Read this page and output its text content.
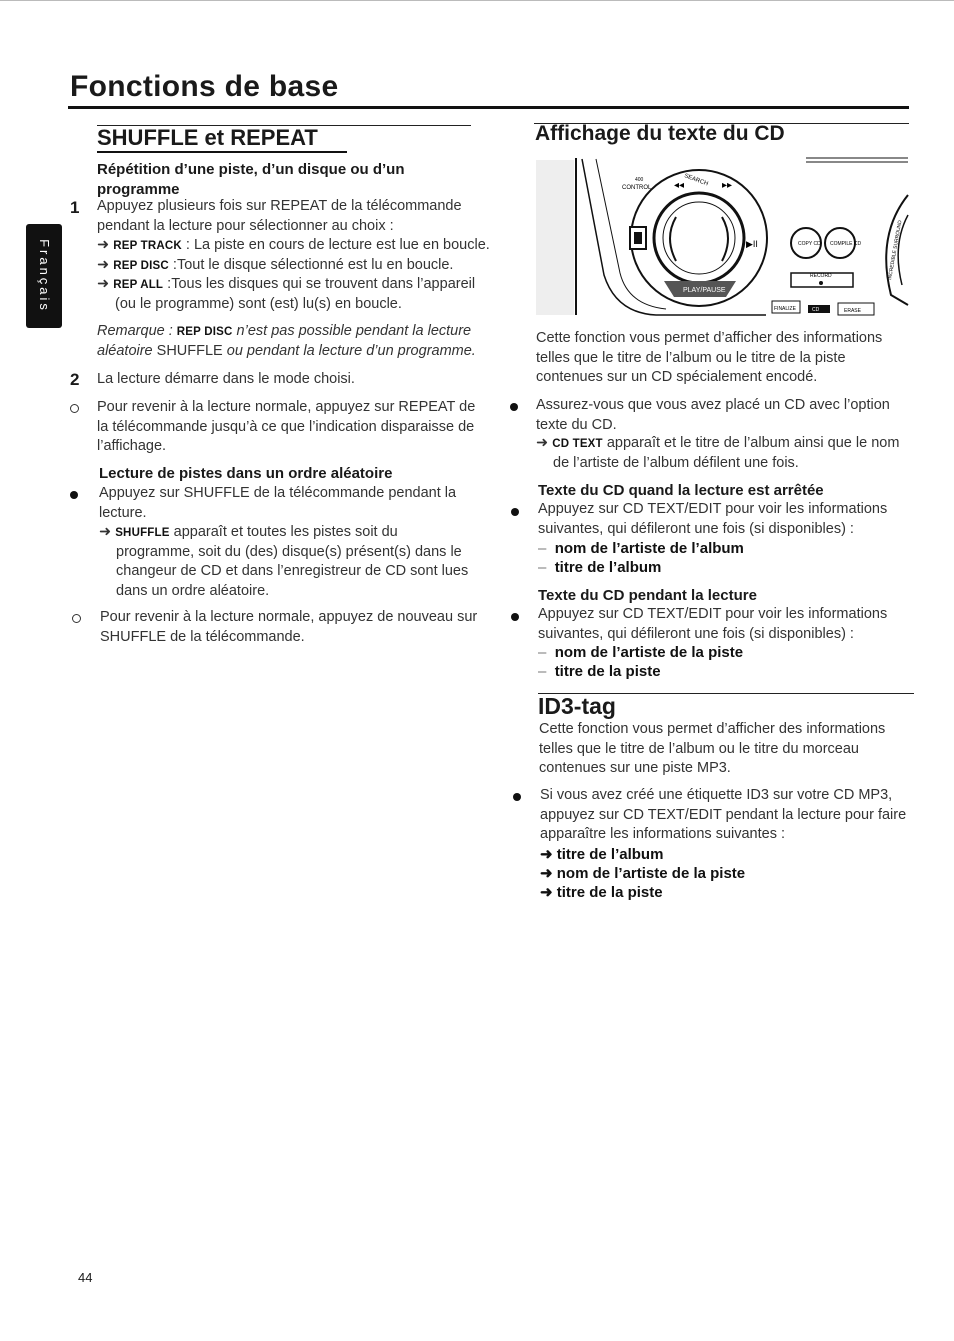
Fonctions de base
Français
SHUFFLE et REPEAT
Répétition d’une piste, d’un disque ou d’un programme
1 Appuyez plusieurs fois sur REPEAT de la télécommande
pendant la lecture pour sélectionner au choix :
➜ REP TRACK : La piste en cours de lecture est lue en boucle.
➜ REP DISC :Tout le disque sélectionné est lu en boucle.
➜ REP ALL :Tous les disques qui se trouvent dans l’appareil
(ou le programme) sont (est) lu(s) en boucle.
Remarque : REP DISC n’est pas possible pendant la lecture
aléatoire SHUFFLE ou pendant la lecture d’un programme.
2 La lecture démarre dans le mode choisi.
Pour revenir à la lecture normale, appuyez sur REPEAT de
la télécommande jusqu’à ce que l’indication disparaisse de
l’affichage.
Lecture de pistes dans un ordre aléatoire
Appuyez sur SHUFFLE de la télécommande pendant la
lecture.
➜ SHUFFLE apparaît et toutes les pistes soit du
programme, soit du (des) disque(s) présent(s) dans le
changeur de CD et dans l’enregistreur de CD sont lues
dans un ordre aléatoire.
Pour revenir à la lecture normale, appuyez de nouveau sur
SHUFFLE de la télécommande.
Affichage du texte du CD
PLAY/PAUSE
SEARCH
CONTROL
400	◂◂	▸▸
▶II	COPY CD COMPILE CD
RECORD
FINALIZE	CD	ERASE
INCREDIBLE SURROUND
Cette fonction vous permet d’afficher des informations
telles que le titre de l’album ou le titre de la piste
contenues sur un CD spécialement encodé.
Assurez-vous que vous avez placé un CD avec l’option
texte du CD.
➜ CD TEXT apparaît et le titre de l’album ainsi que le nom
de l’artiste de l’album défilent une fois.
Texte du CD quand la lecture est arrêtée
Appuyez sur CD TEXT/EDIT pour voir les informations
suivantes, qui défileront une fois (si disponibles) :
–  nom de l’artiste de l’album
–  titre de l’album
Texte du CD pendant la lecture
Appuyez sur CD TEXT/EDIT pour voir les informations
suivantes, qui défileront une fois (si disponibles) :
–  nom de l’artiste de la piste
–  titre de la piste
ID3-tag
Cette fonction vous permet d’afficher des informations
telles que le titre de l’album ou le titre du morceau
contenues sur une piste MP3.
Si vous avez créé une étiquette ID3 sur votre CD MP3,
appuyez sur CD TEXT/EDIT pendant la lecture pour faire
apparaître les informations suivantes :
➜ titre de l’album
➜ nom de l’artiste de la piste
➜ titre de la piste
44
